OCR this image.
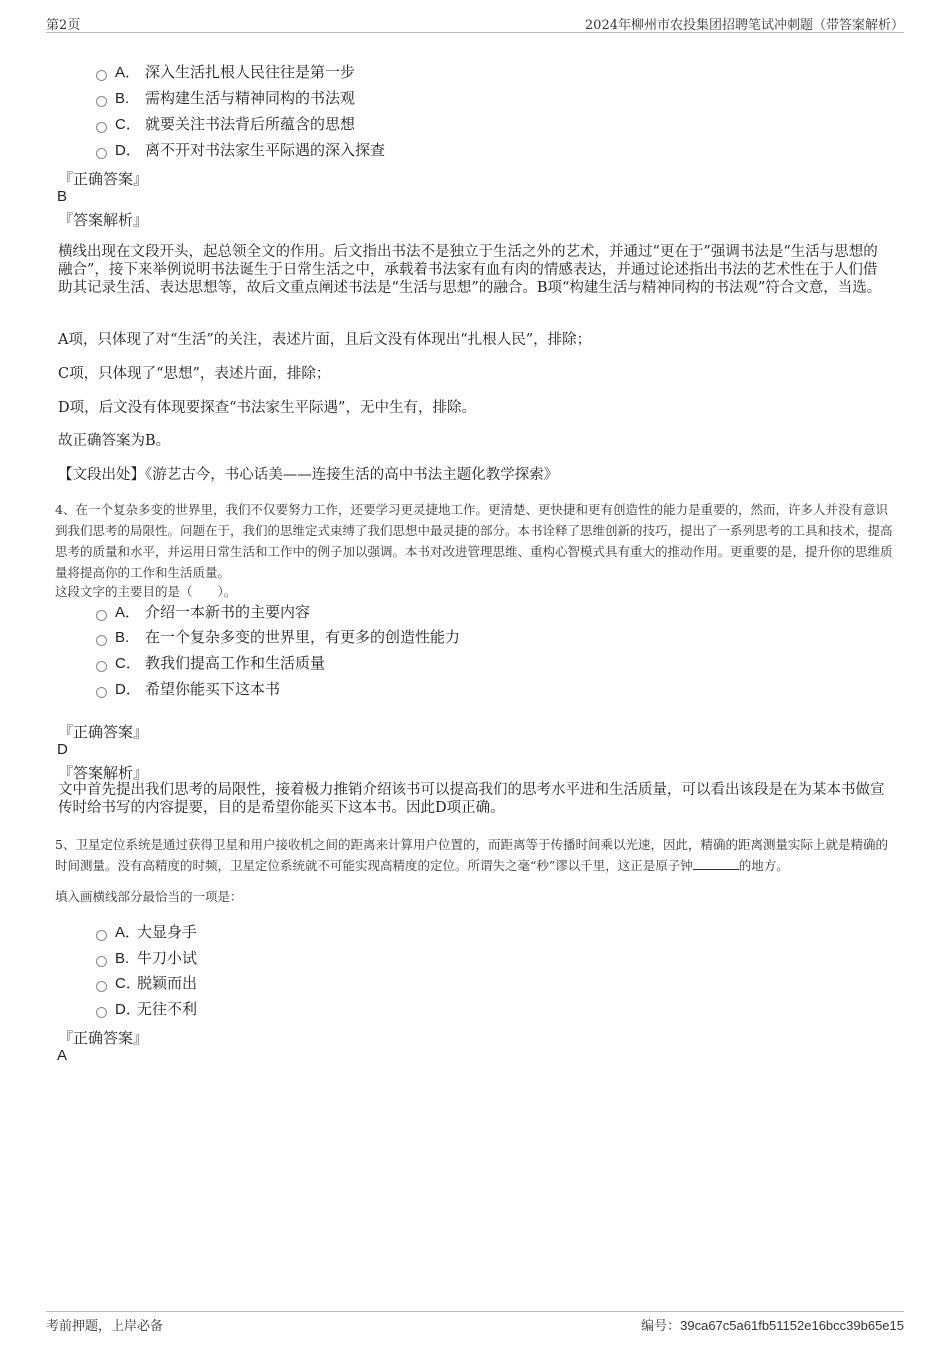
第2页	2024年柳州市农投集团招聘笔试冲刺题（带答案解析）
A． 深入生活扎根人民往往是第一步
B. 需构建生活与精神同构的书法观
C． 就要关注书法背后所蕴含的思想
D． 离不开对书法家生平际遇的深入探查
『正确答案』
B
『答案解析』
横线出现在文段开头，起总领全文的作用。后文指出书法不是独立于生活之外的艺术，并通过“更在于”强调书法是“生活与思想的融合”，接下来举例说明书法诞生于日常生活之中，承载着书法家有血有肉的情感表达，并通过论述指出书法的艺术性在于人们借助其记录生活、表达思想等，故后文重点阐述书法是“生活与思想”的融合。B项“构建生活与精神同构的书法观”符合文意，当选。
A项，只体现了对“生活”的关注，表述片面，且后文没有体现出“扎根人民”，排除；
C项，只体现了“思想”，表述片面，排除；
D项，后文没有体现要探查“书法家生平际遇”，无中生有，排除。
故正确答案为B。
【文段出处】《游艺古今，书心话美——连接生活的高中书法主题化教学探索》
4、在一个复杂多变的世界里，我们不仅要努力工作，还要学习更灵捷地工作。更清楚、更快捷和更有创造性的能力是重要的，然而，许多人并没有意识到我们思考的局限性。问题在于，我们的思维定式束缚了我们思想中最灵捷的部分。本书诠释了思维创新的技巧，提出了一系列思考的工具和技术，提高思考的质量和水平，并运用日常生活和工作中的例子加以强调。本书对改进管理思维、重构心智模式具有重大的推动作用。更重要的是，提升你的思维质量将提高你的工作和生活质量。
这段文字的主要目的是（　　）。
A． 介绍一本新书的主要内容
B. 在一个复杂多变的世界里，有更多的创造性能力
C． 教我们提高工作和生活质量
D． 希望你能买下这本书
『正确答案』
D
『答案解析』
文中首先提出我们思考的局限性，接着极力推销介绍该书可以提高我们的思考水平进和生活质量，可以看出该段是在为某本书做宣传时给书写的内容提要，目的是希望你能买下这本书。因此D项正确。
5、卫星定位系统是通过获得卫星和用户接收机之间的距离来计算用户位置的，而距离等于传播时间乘以光速，因此，精确的距离测量实际上就是精确的时间测量。没有高精度的时频，卫星定位系统就不可能实现高精度的定位。所谓失之毫“秒”谬以千里，这正是原子钟	的地方。
填入画横线部分最恰当的一项是：
A．大显身手
B. 牛刀小试
C．脱颖而出
D．无往不利
『正确答案』
A
考前押题，上岸必备	编号：39ca67c5a61fb51152e16bcc39b65e15
